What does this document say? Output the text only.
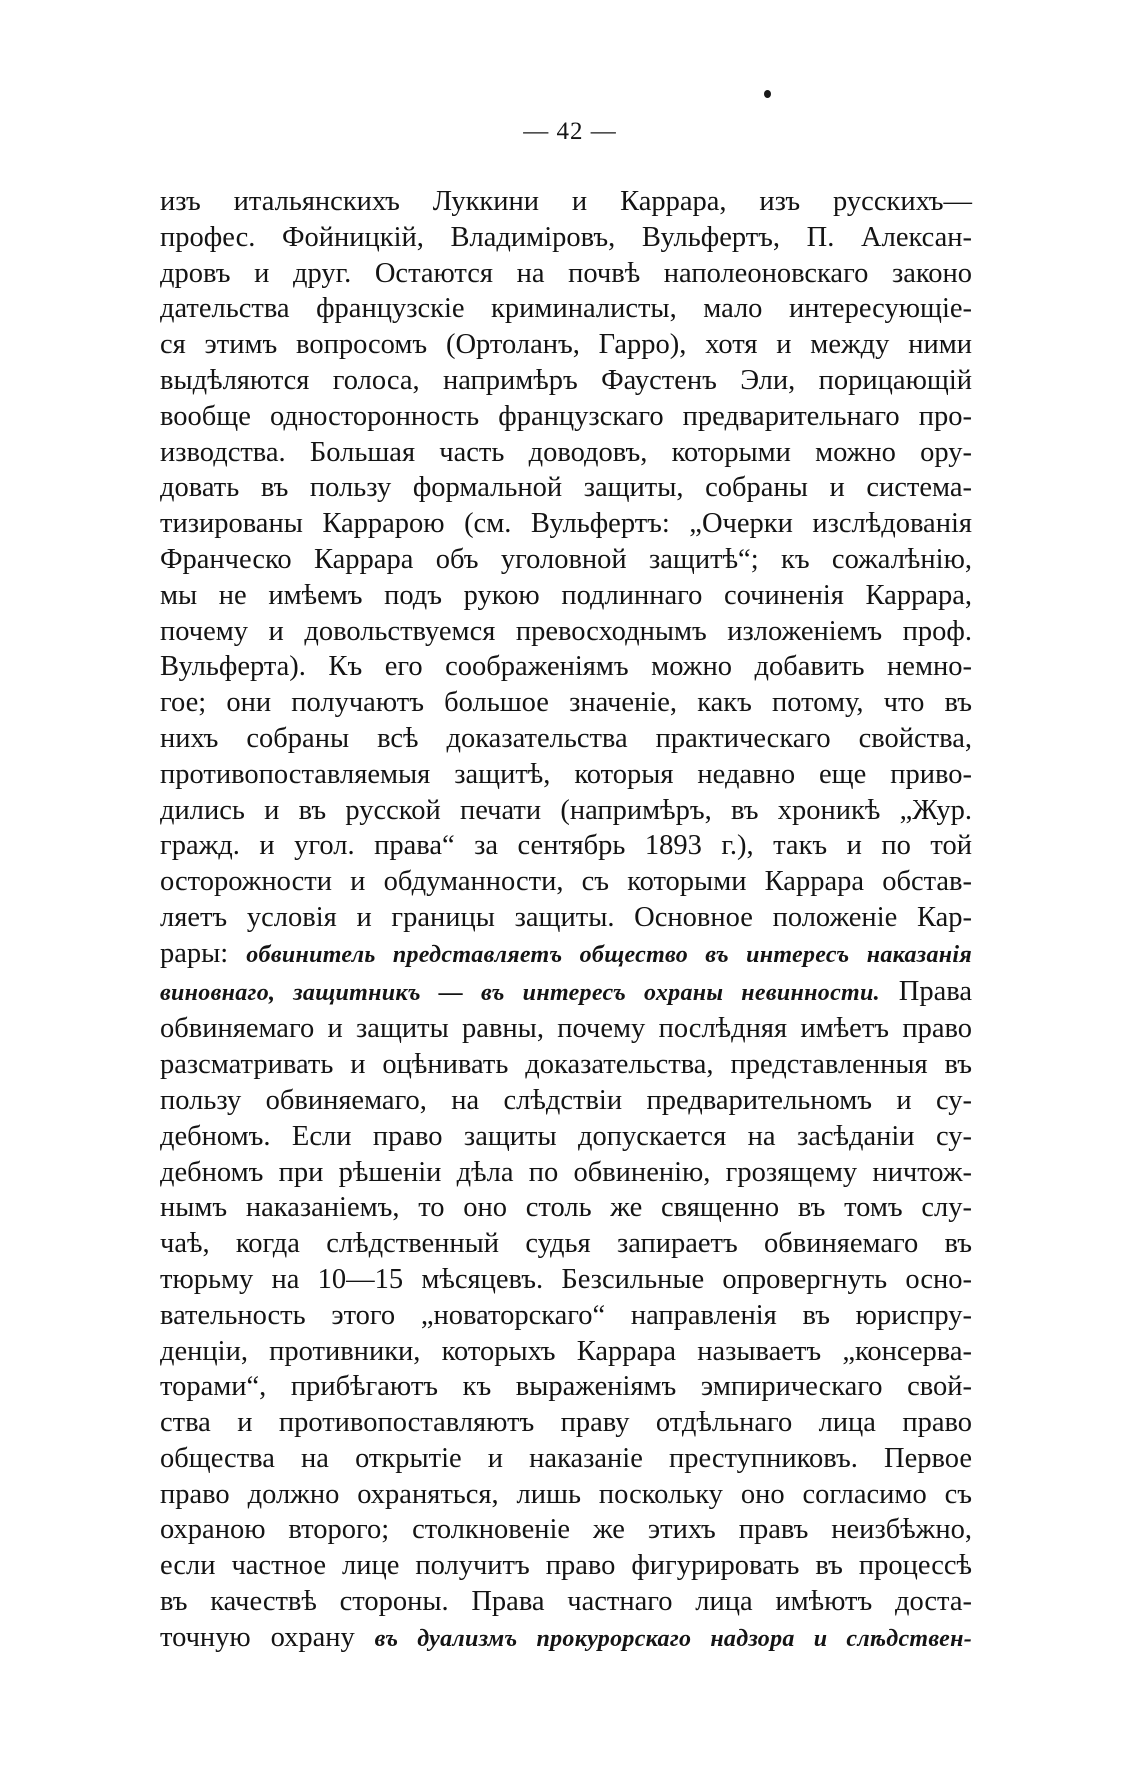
— 42 —
изъ итальянскихъ Луккини и Каррара, изъ русскихъ—
профес. Фойницкiй, Владимiровъ, Вульфертъ, П. Алексан-
дровъ и друг. Остаются на почвѣ наполеоновскаго законо
дательства французскiе криминалисты, мало интересующiе-
ся этимъ вопросомъ (Ортоланъ, Гарро), хотя и между ними
выдѣляются голоса, напримѣръ Фаустенъ Эли, порицающiй
вообще односторонность французскаго предварительнаго про-
изводства. Большая часть доводовъ, которыми можно ору-
довать въ пользу формальной защиты, собраны и система-
тизированы Каррарою (см. Вульфертъ: „Очерки изслѣдованiя
Франческо Каррара объ уголовной защитѣ“; къ сожалѣнiю,
мы не имѣемъ подъ рукою подлиннаго сочиненiя Каррара,
почему и довольствуемся превосходнымъ изложенiемъ проф.
Вульферта). Къ его соображенiямъ можно добавить немно-
гое; они получаютъ большое значенiе, какъ потому, что въ
нихъ собраны всѣ доказательства практическаго свойства,
противопоставляемыя защитѣ, которыя недавно еще приво-
дились и въ русской печати (напримѣръ, въ хроникѣ „Жур.
гражд. и угол. права“ за сентябрь 1893 г.), такъ и по той
осторожности и обдуманности, съ которыми Каррара обстав-
ляетъ условiя и границы защиты. Основное положенiе Кар-
рары: обвинитель представляетъ общество въ интересъ наказанiя
виновнаго, защитникъ — въ интересъ охраны невинности. Права
обвиняемаго и защиты равны, почему послѣдняя имѣетъ право
разсматривать и оцѣнивать доказательства, представленныя въ
пользу обвиняемаго, на слѣдствiи предварительномъ и су-
дебномъ. Если право защиты допускается на засѣданiи су-
дебномъ при рѣшенiи дѣла по обвиненiю, грозящему ничтож-
нымъ наказанiемъ, то оно столь же священно въ томъ слу-
чаѣ, когда слѣдственный судья запираетъ обвиняемаго въ
тюрьму на 10—15 мѣсяцевъ. Безсильные опровергнуть осно-
вательность этого „новаторскаго“ направленiя въ юриспру-
денцiи, противники, которыхъ Каррара называетъ „консерва-
торами“, прибѣгаютъ къ выраженiямъ эмпирическаго свой-
ства и противопоставляютъ праву отдѣльнаго лица право
общества на открытiе и наказанiе преступниковъ. Первое
право должно охраняться, лишь поскольку оно согласимо съ
охраною второго; столкновенiе же этихъ правъ неизбѣжно,
если частное лице получитъ право фигурировать въ процессѣ
въ качествѣ стороны. Права частнаго лица имѣютъ доста-
точную охрану въ дуализмъ прокурорскаго надзора и слѣдствен-
